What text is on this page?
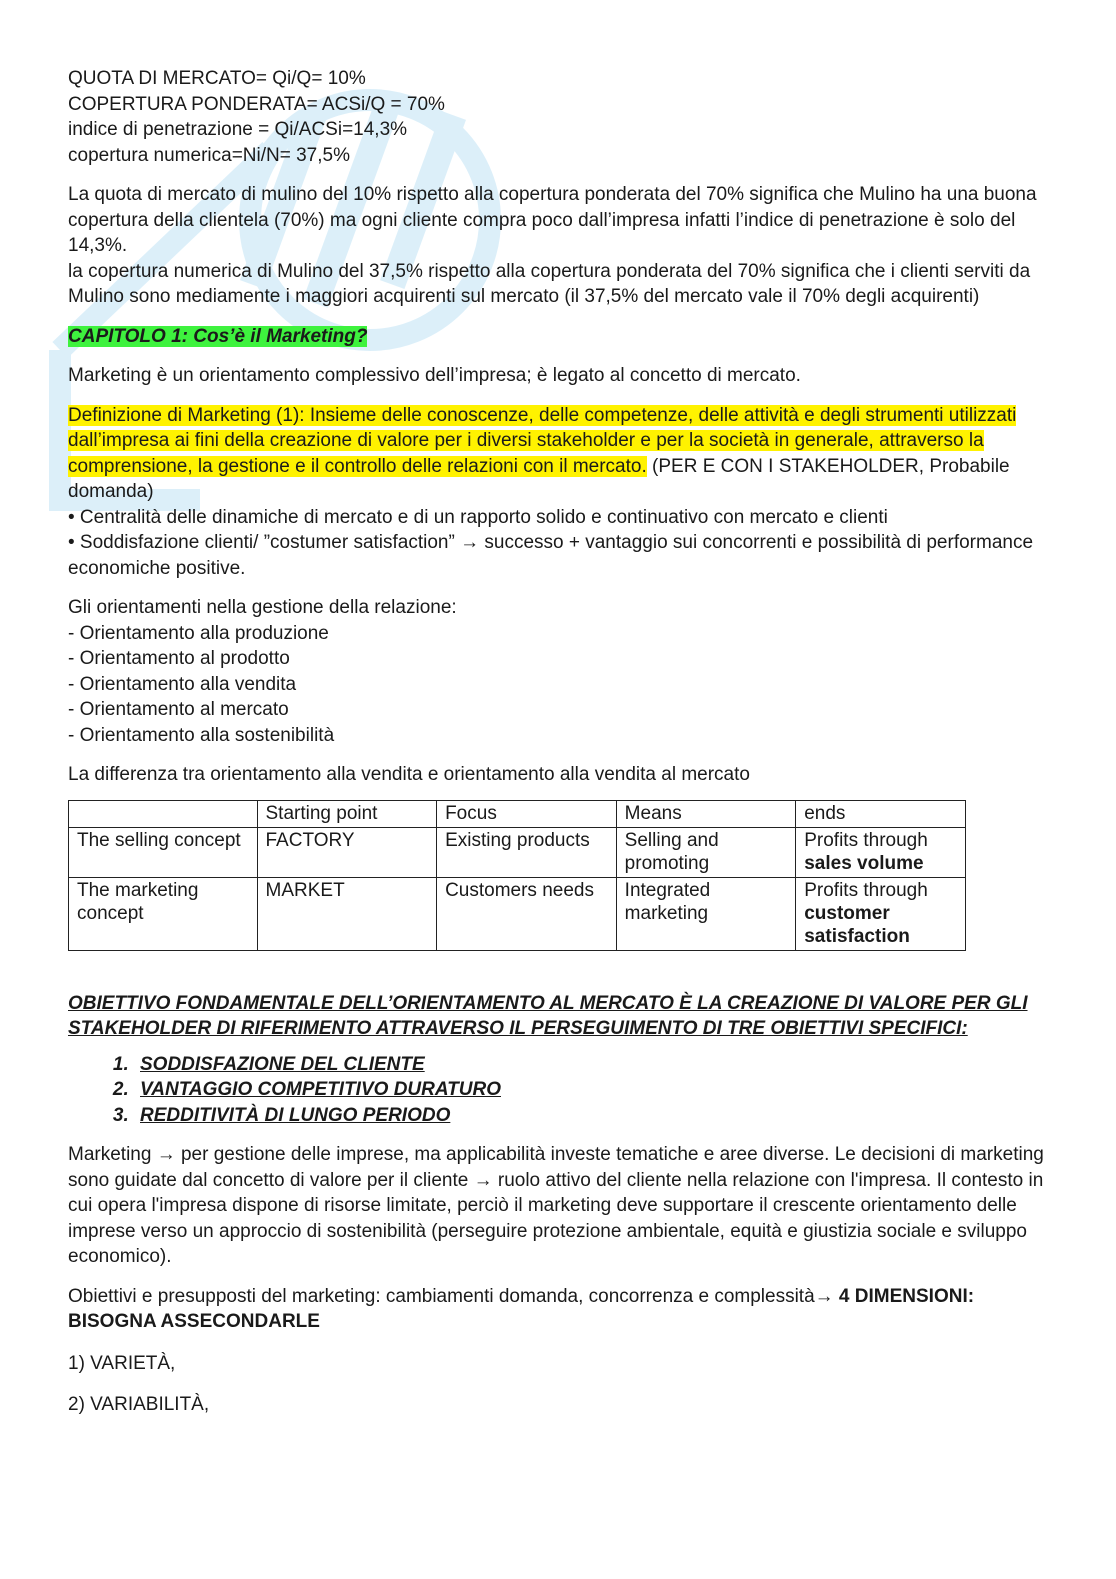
QUOTA DI MERCATO= Qi/Q= 10%

COPERTURA PONDERATA= ACSi/Q = 70%

indice di penetrazione = Qi/ACSi=14,3%

copertura numerica=Ni/N= 37,5%

La quota di mercato di mulino del 10% rispetto alla copertura ponderata del 70% significa che Mulino ha una buona copertura della clientela (70%) ma ogni cliente compra poco dall’impresa infatti l’indice di penetrazione è solo del 14,3%.

la copertura numerica di Mulino del 37,5% rispetto alla copertura ponderata del 70% significa che i clienti serviti da Mulino sono mediamente i maggiori acquirenti sul mercato (il 37,5% del mercato vale il 70% degli acquirenti)

CAPITOLO 1: Cos’è il Marketing?

Marketing è un orientamento complessivo dell’impresa; è legato al concetto di mercato.

Definizione di Marketing (1): Insieme delle conoscenze, delle competenze, delle attività e degli strumenti utilizzati dall’impresa ai fini della creazione di valore per i diversi stakeholder e per la società in generale, attraverso la comprensione, la gestione e il controllo delle relazioni con il mercato. (PER E CON I STAKEHOLDER, Probabile domanda)

• Centralità delle dinamiche di mercato e di un rapporto solido e continuativo con mercato e clienti

• Soddisfazione clienti/ ”costumer satisfaction” → successo + vantaggio sui concorrenti e possibilità di performance economiche positive.

Gli orientamenti nella gestione della relazione:

- Orientamento alla produzione

- Orientamento al prodotto

- Orientamento alla vendita

- Orientamento al mercato

- Orientamento alla sostenibilità

La differenza tra orientamento alla vendita e orientamento alla vendita al mercato

	Starting point	Focus	Means	ends
The selling concept	FACTORY	Existing products	Selling and promoting	Profits through sales volume
The marketing concept	MARKET	Customers needs	Integrated marketing	Profits through customer satisfaction

OBIETTIVO FONDAMENTALE DELL’ORIENTAMENTO AL MERCATO È LA CREAZIONE DI VALORE PER GLI STAKEHOLDER DI RIFERIMENTO ATTRAVERSO IL PERSEGUIMENTO DI TRE OBIETTIVI SPECIFICI:

1. SODDISFAZIONE DEL CLIENTE
2. VANTAGGIO COMPETITIVO DURATURO
3. REDDITIVITÀ DI LUNGO PERIODO

Marketing → per gestione delle imprese, ma applicabilità investe tematiche e aree diverse. Le decisioni di marketing sono guidate dal concetto di valore per il cliente → ruolo attivo del cliente nella relazione con l'impresa. Il contesto in cui opera l'impresa dispone di risorse limitate, perciò il marketing deve supportare il crescente orientamento delle imprese verso un approccio di sostenibilità (perseguire protezione ambientale, equità e giustizia sociale e sviluppo economico).

Obiettivi e presupposti del marketing: cambiamenti domanda, concorrenza e complessità→ 4 DIMENSIONI: BISOGNA ASSECONDARLE

1) VARIETÀ,

2) VARIABILITÀ,
